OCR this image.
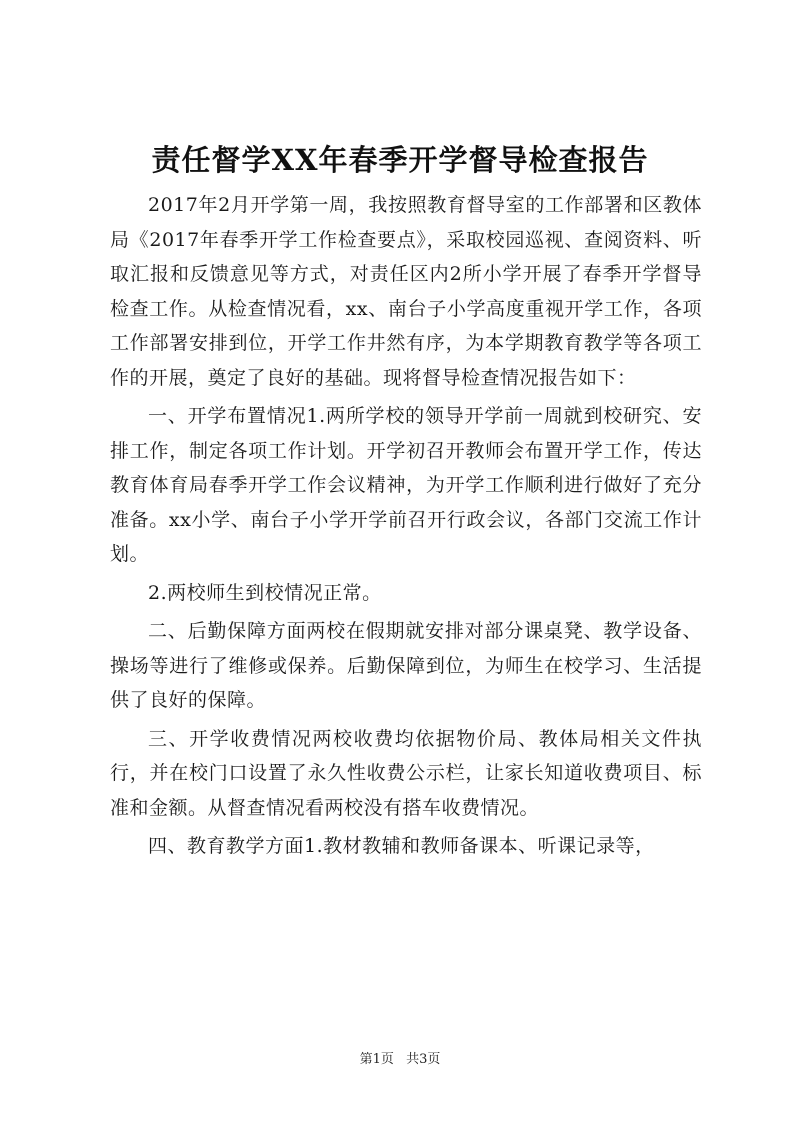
责任督学XX年春季开学督导检查报告

2017年2月开学第一周，我按照教育督导室的工作部署和区教体局《2017年春季开学工作检查要点》，采取校园巡视、查阅资料、听取汇报和反馈意见等方式，对责任区内2所小学开展了春季开学督导检查工作。从检查情况看，xx、南台子小学高度重视开学工作，各项工作部署安排到位，开学工作井然有序，为本学期教育教学等各项工作的开展，奠定了良好的基础。现将督导检查情况报告如下：

一、开学布置情况1.两所学校的领导开学前一周就到校研究、安排工作，制定各项工作计划。开学初召开教师会布置开学工作，传达教育体育局春季开学工作会议精神，为开学工作顺利进行做好了充分准备。xx小学、南台子小学开学前召开行政会议，各部门交流工作计划。

2.两校师生到校情况正常。

二、后勤保障方面两校在假期就安排对部分课桌凳、教学设备、操场等进行了维修或保养。后勤保障到位，为师生在校学习、生活提供了良好的保障。

三、开学收费情况两校收费均依据物价局、教体局相关文件执行，并在校门口设置了永久性收费公示栏，让家长知道收费项目、标准和金额。从督查情况看两校没有搭车收费情况。

四、教育教学方面1.教材教辅和教师备课本、听课记录等，

第1页 共3页
